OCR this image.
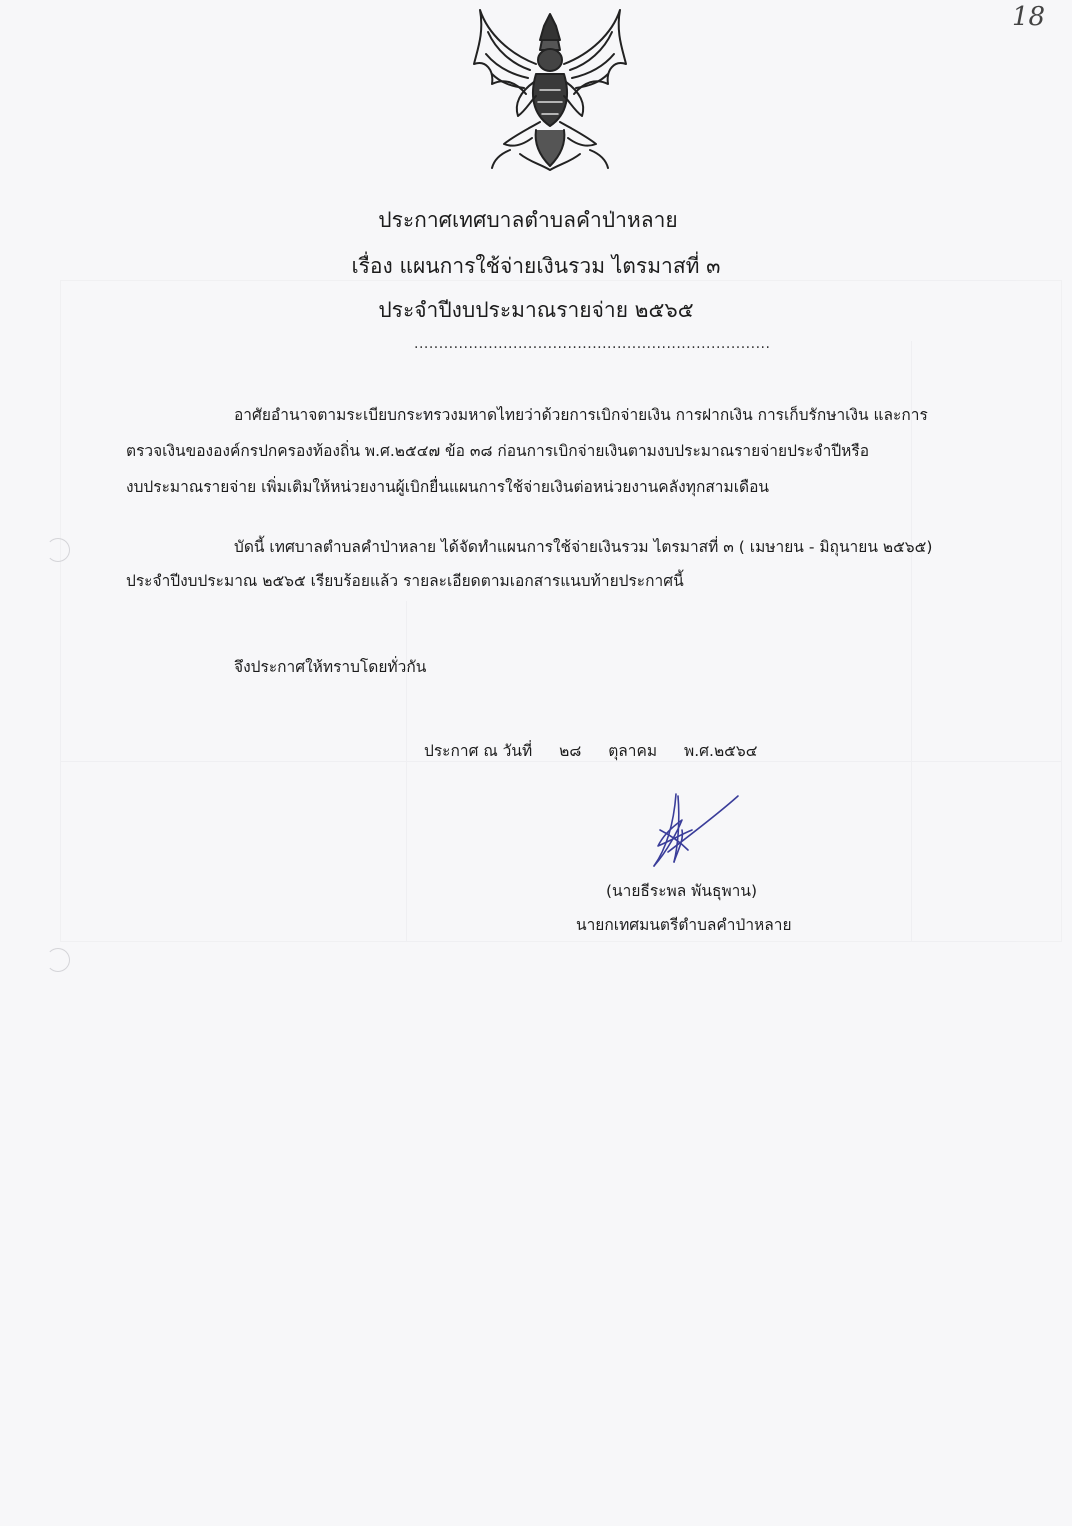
18
ประกาศเทศบาลตำบลคำป่าหลาย
เรื่อง แผนการใช้จ่ายเงินรวม ไตรมาสที่ ๓
ประจำปีงบประมาณรายจ่าย ๒๕๖๕
........................................................................
อาศัยอำนาจตามระเบียบกระทรวงมหาดไทยว่าด้วยการเบิกจ่ายเงิน การฝากเงิน การเก็บรักษาเงิน และการ
ตรวจเงินขององค์กรปกครองท้องถิ่น พ.ศ.๒๕๔๗ ข้อ ๓๘ ก่อนการเบิกจ่ายเงินตามงบประมาณรายจ่ายประจำปีหรือ
งบประมาณรายจ่าย เพิ่มเติมให้หน่วยงานผู้เบิกยื่นแผนการใช้จ่ายเงินต่อหน่วยงานคลังทุกสามเดือน
บัดนี้ เทศบาลตำบลคำป่าหลาย ได้จัดทำแผนการใช้จ่ายเงินรวม ไตรมาสที่ ๓ ( เมษายน - มิถุนายน ๒๕๖๕)
ประจำปีงบประมาณ ๒๕๖๕ เรียบร้อยแล้ว รายละเอียดตามเอกสารแนบท้ายประกาศนี้
จึงประกาศให้ทราบโดยทั่วกัน
ประกาศ ณ วันที่ ๒๘ ตุลาคม พ.ศ.๒๕๖๔
(นายธีระพล พันธุพาน)
นายกเทศมนตรีตำบลคำป่าหลาย
